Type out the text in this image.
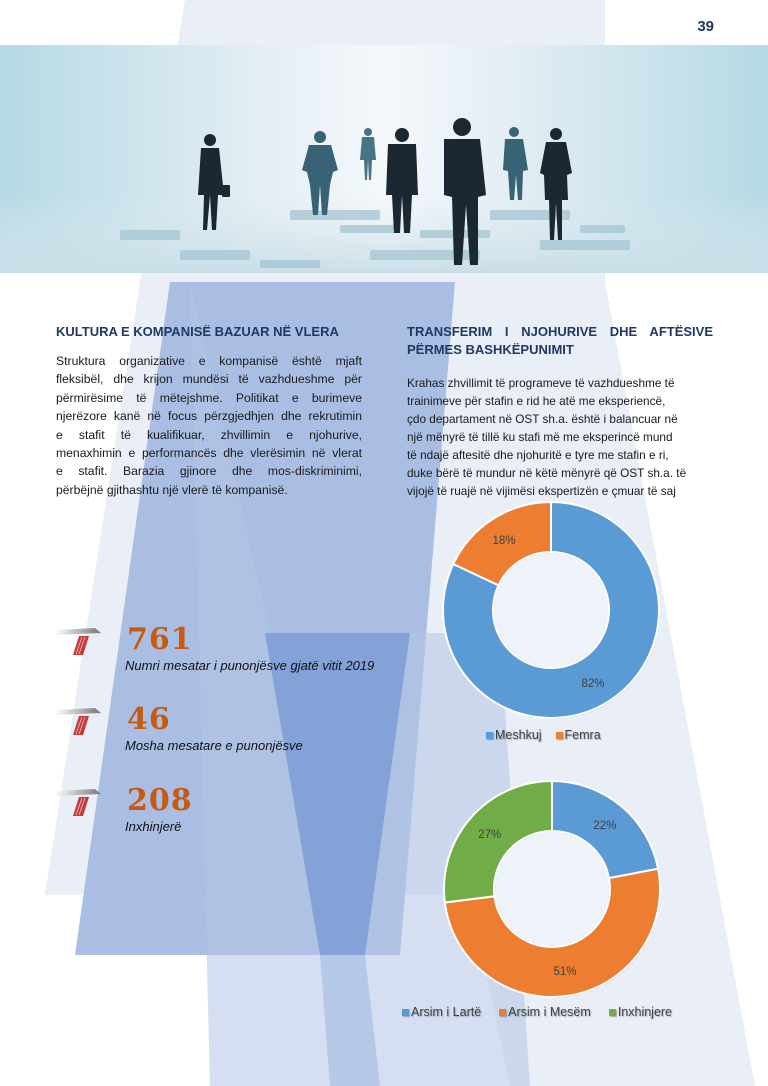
39
KULTURA E KOMPANISË BAZUAR NË VLERA
Struktura organizative e kompanisë është mjaft
fleksibël, dhe krijon mundësi të vazhdueshme për
përmirësime të mëtejshme. Politikat e burimeve
njerëzore kanë në focus përzgjedhjen dhe rekrutimin
e stafit të kualifikuar, zhvillimin e njohurive,
menaxhimin e performancës dhe vlerësimin në vlerat
e stafit. Barazia gjinore dhe mos-diskriminimi,
përbëjnë gjithashtu një vlerë të kompanisë.
TRANSFERIM I NJOHURIVE DHE AFTËSIVE
PËRMES BASHKËPUNIMIT
Krahas zhvillimit të programeve të vazhdueshme të
trainimeve për stafin e rid he atë me eksperiencë,
çdo departament në OST sh.a. është i balancuar në
një mënyrë të tillë ku stafi më me eksperincë mund
të ndajë aftesitë dhe njohuritë e tyre me stafin e ri,
duke bërë të mundur në këtë mënyrë që OST sh.a. të
vijojë të ruajë në vijimësi ekspertizën e çmuar të saj
761
Numri mesatar i punonjësve gjatë vitit 2019
46
Mosha mesatare e punonjësve
208
Inxhinjerë
82%
18%
Meshkuj Femra
22%
51%
27%
Arsim i Lartë Arsim i Mesëm Inxhinjere
